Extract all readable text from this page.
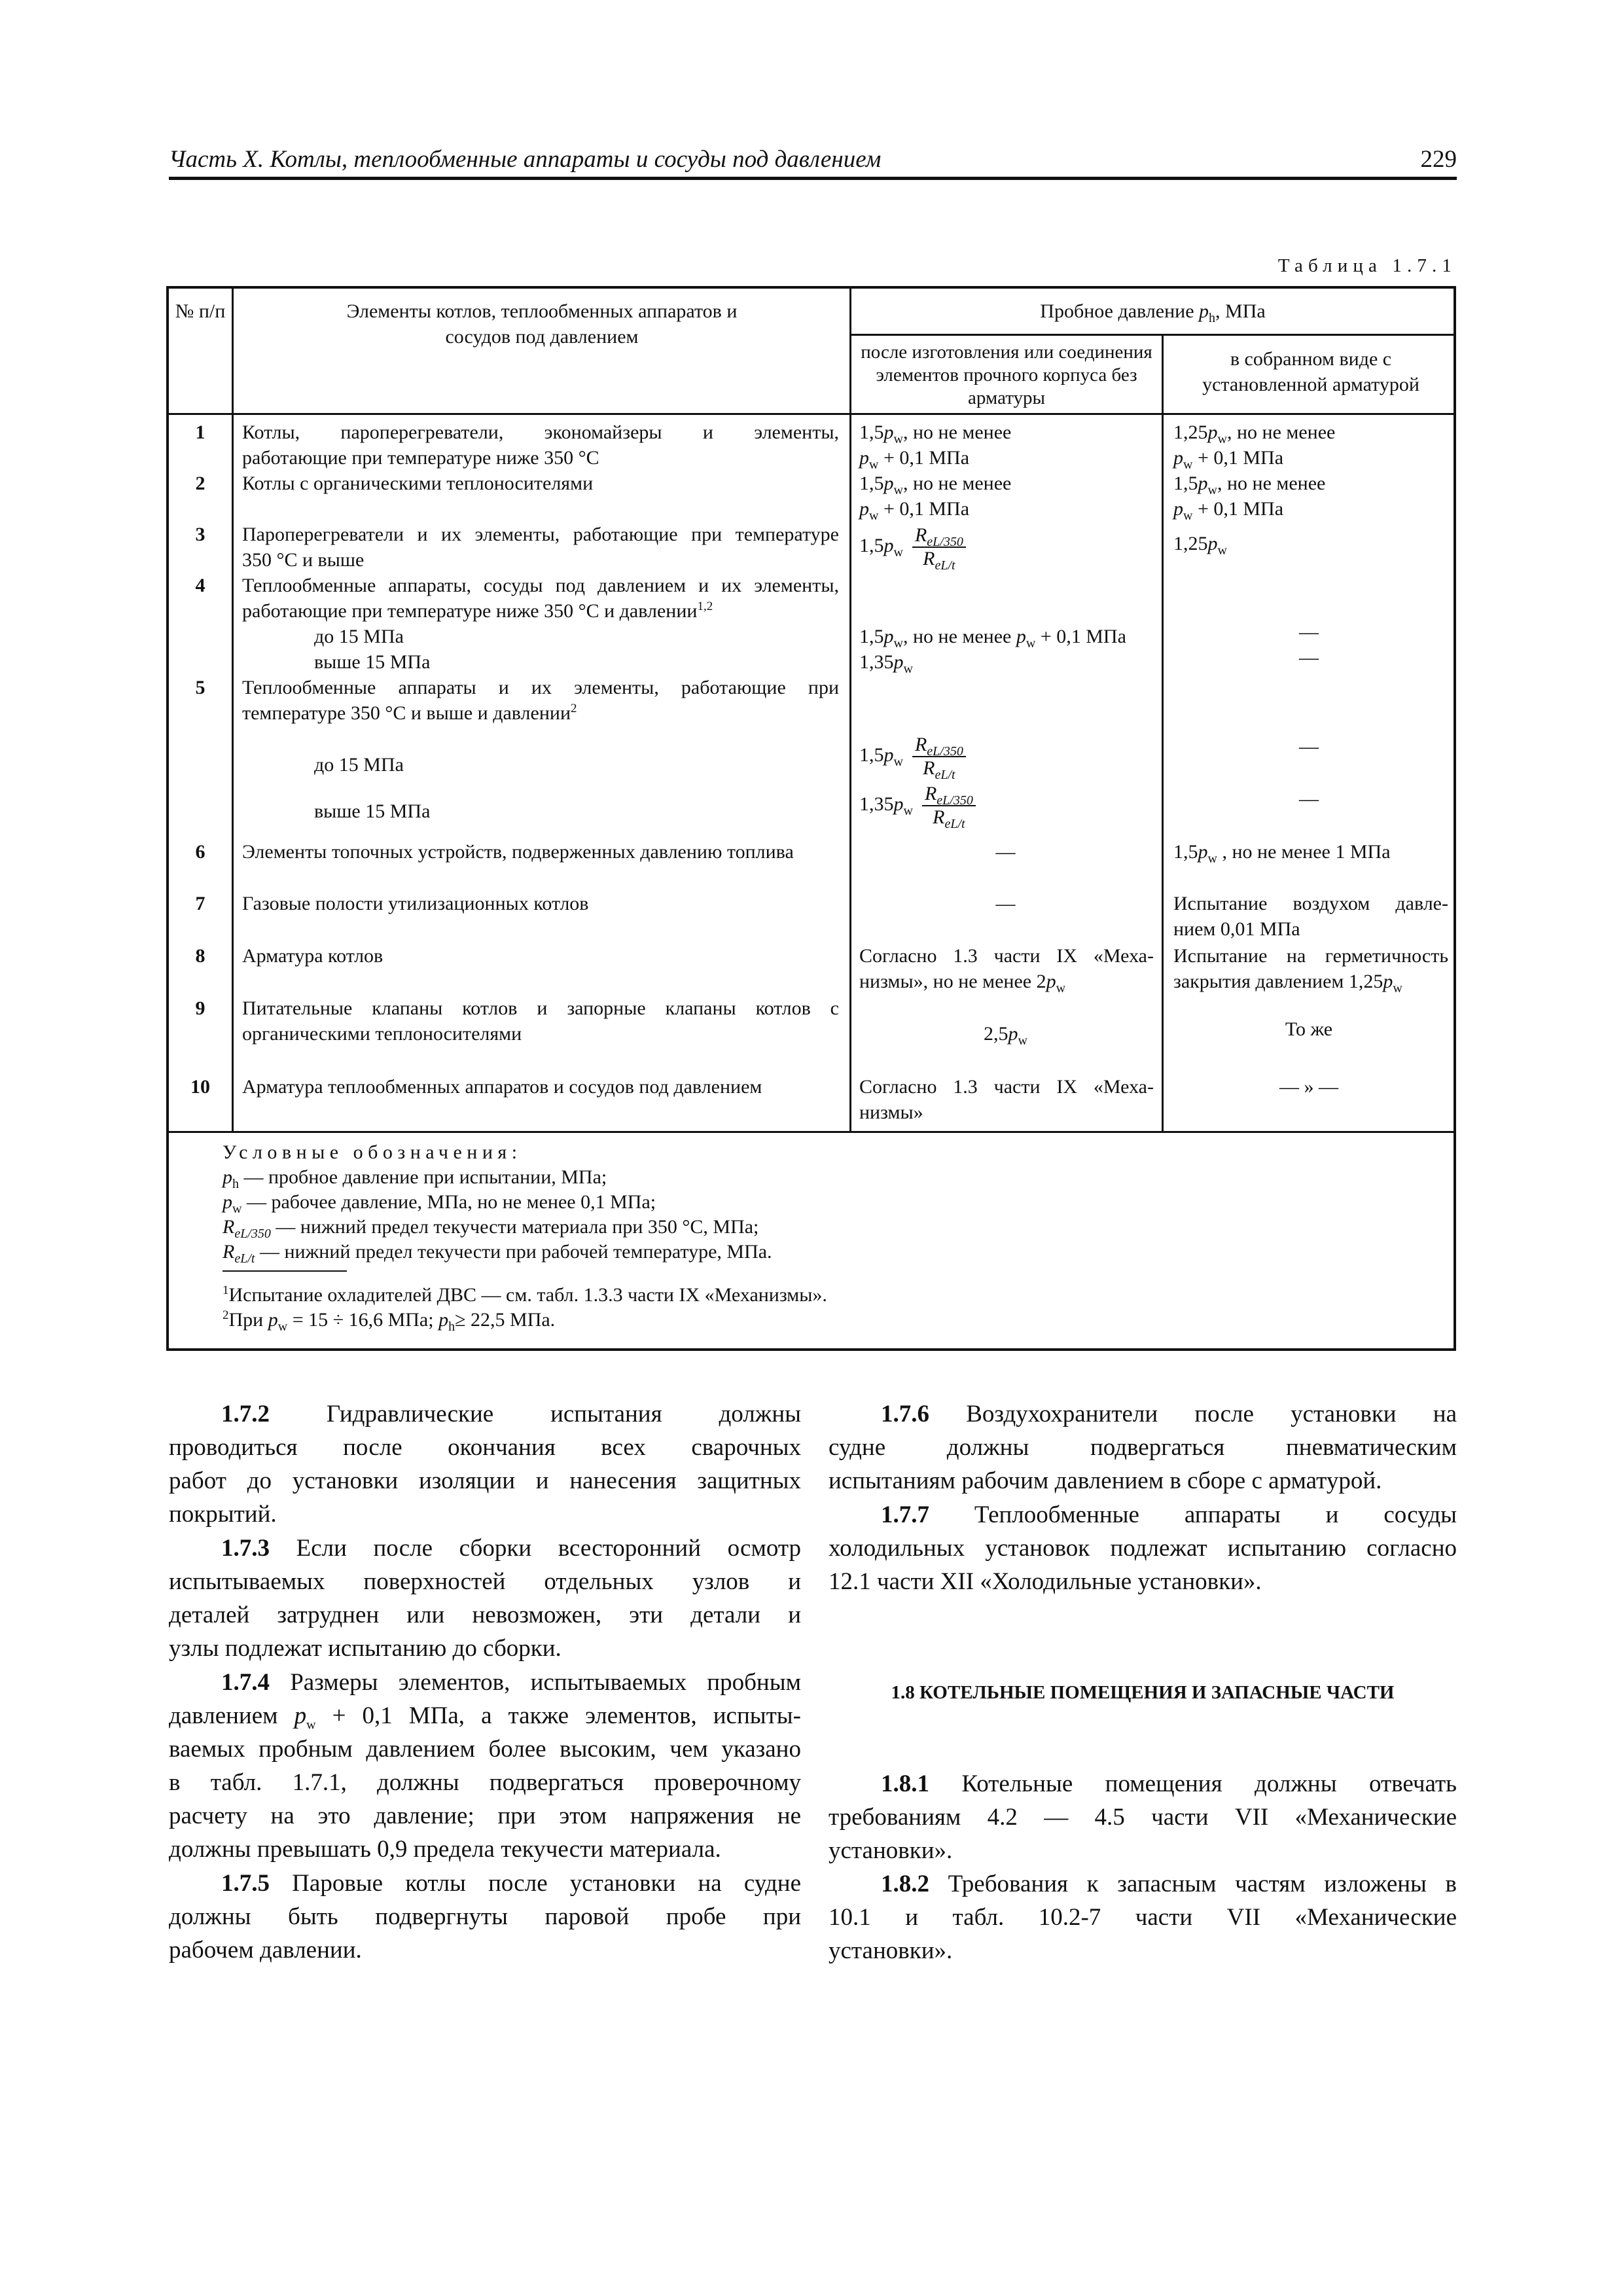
Часть X. Котлы, теплообменные аппараты и сосуды под давлением	229
Таблица 1.7.1
№ п/п	Элементы котлов, теплообменных аппаратов и сосудов под давлением
Пробное давление $p_h$, МПа
после изготовления или соединения элементов прочного корпуса без арматуры
в собранном виде с установленной арматурой
1
2
3
4
5
6
7
8
9
10
Котлы, пароперегреватели, экономайзеры и элементы,
работающие при температуре ниже 350 °С
Котлы с органическими теплоносителями
Пароперегреватели и их элементы, работающие при температуре
350 °С и выше
Теплообменные аппараты, сосуды под давлением и их элементы,
работающие при температуре ниже 350 °С и давлении$^{1,2}$
до 15 МПа
выше 15 МПа
Теплообменные аппараты и их элементы, работающие при
температуре 350 °С и выше и давлении$^2$
до 15 МПа
выше 15 МПа
Элементы топочных устройств, подверженных давлению топлива
Газовые полости утилизационных котлов
Арматура котлов
Питательные клапаны котлов и запорные клапаны котлов с
органическими теплоносителями
Арматура теплообменных аппаратов и сосудов под давлением
$1,5p_w$, но не менее
$p_w + 0,1$ МПа
$1,5p_w$, но не менее
$p_w + 0,1$ МПа
$1,5p_w \frac{R_{eL/350}}{R_{eL/t}}$
$1,5p_w$, но не менее $p_w + 0,1$ МПа
$1,35p_w$
$1,5p_w \frac{R_{eL/350}}{R_{eL/t}}$
$1,35p_w \frac{R_{eL/350}}{R_{eL/t}}$
—
—
Согласно 1.3 части IX «Меха-
низмы», но не менее $2p_w$
$2,5p_w$
Согласно 1.3 части IX «Меха-
низмы»
$1,25p_w$, но не менее
$p_w + 0,1$ МПа
$1,5p_w$, но не менее
$p_w + 0,1$ МПа
$1,25p_w$
—
—
—
—
$1,5p_w$ , но не менее 1 МПа
Испытание воздухом давле-
нием 0,01 МПа
Испытание на герметичность
закрытия давлением $1,25p_w$
То же
— » —
Условные обозначения:
$p_h$ — пробное давление при испытании, МПа;
$p_w$ — рабочее давление, МПа, но не менее 0,1 МПа;
$R_{eL/350}$ — нижний предел текучести материала при 350 °С, МПа;
$R_{eL/t}$ — нижний предел текучести при рабочей температуре, МПа.
$^1$Испытание охладителей ДВС — см. табл. 1.3.3 части IX «Механизмы».
$^2$При $p_w = 15 \div 16,6$ МПа; $p_h\ge 22,5$ МПа.
1.7.2 Гидравлические испытания должны
проводиться после окончания всех сварочных
работ до установки изоляции и нанесения защитных
покрытий.
1.7.3 Если после сборки всесторонний осмотр
испытываемых поверхностей отдельных узлов и
деталей затруднен или невозможен, эти детали и
узлы подлежат испытанию до сборки.
1.7.4 Размеры элементов, испытываемых пробным
давлением $p_w + 0,1$ МПа, а также элементов, испыты-
ваемых пробным давлением более высоким, чем указано
в табл. 1.7.1, должны подвергаться проверочному
расчету на это давление; при этом напряжения не
должны превышать 0,9 предела текучести материала.
1.7.5 Паровые котлы после установки на судне
должны быть подвергнуты паровой пробе при
рабочем давлении.
1.7.6 Воздухохранители после установки на
судне должны подвергаться пневматическим
испытаниям рабочим давлением в сборе с арматурой.
1.7.7 Теплообменные аппараты и сосуды
холодильных установок подлежат испытанию согласно
12.1 части XII «Холодильные установки».
1.8 КОТЕЛЬНЫЕ ПОМЕЩЕНИЯ И ЗАПАСНЫЕ ЧАСТИ
1.8.1 Котельные помещения должны отвечать
требованиям 4.2 — 4.5 части VII «Механические
установки».
1.8.2 Требования к запасным частям изложены в
10.1 и табл. 10.2-7 части VII «Механические
установки».
